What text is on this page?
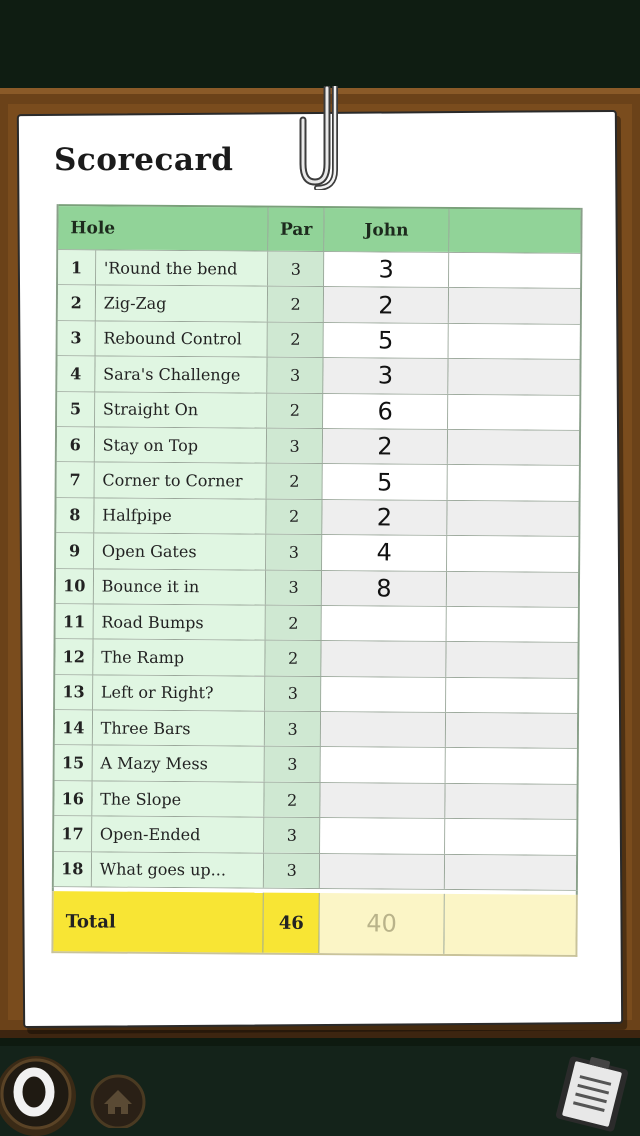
Scorecard
Hole	Par	John
1	'Round the bend	3	3
2	Zig-Zag	2	2
3	Rebound Control	2	5
4	Sara's Challenge	3	3
5	Straight On	2	6
6	Stay on Top	3	2
7	Corner to Corner	2	5
8	Halfpipe	2	2
9	Open Gates	3	4
10	Bounce it in	3	8
11	Road Bumps	2
12	The Ramp	2
13	Left or Right?	3
14	Three Bars	3
15	A Mazy Mess	3
16	The Slope	2
17	Open-Ended	3
18	What goes up...	3
Total	46	40
